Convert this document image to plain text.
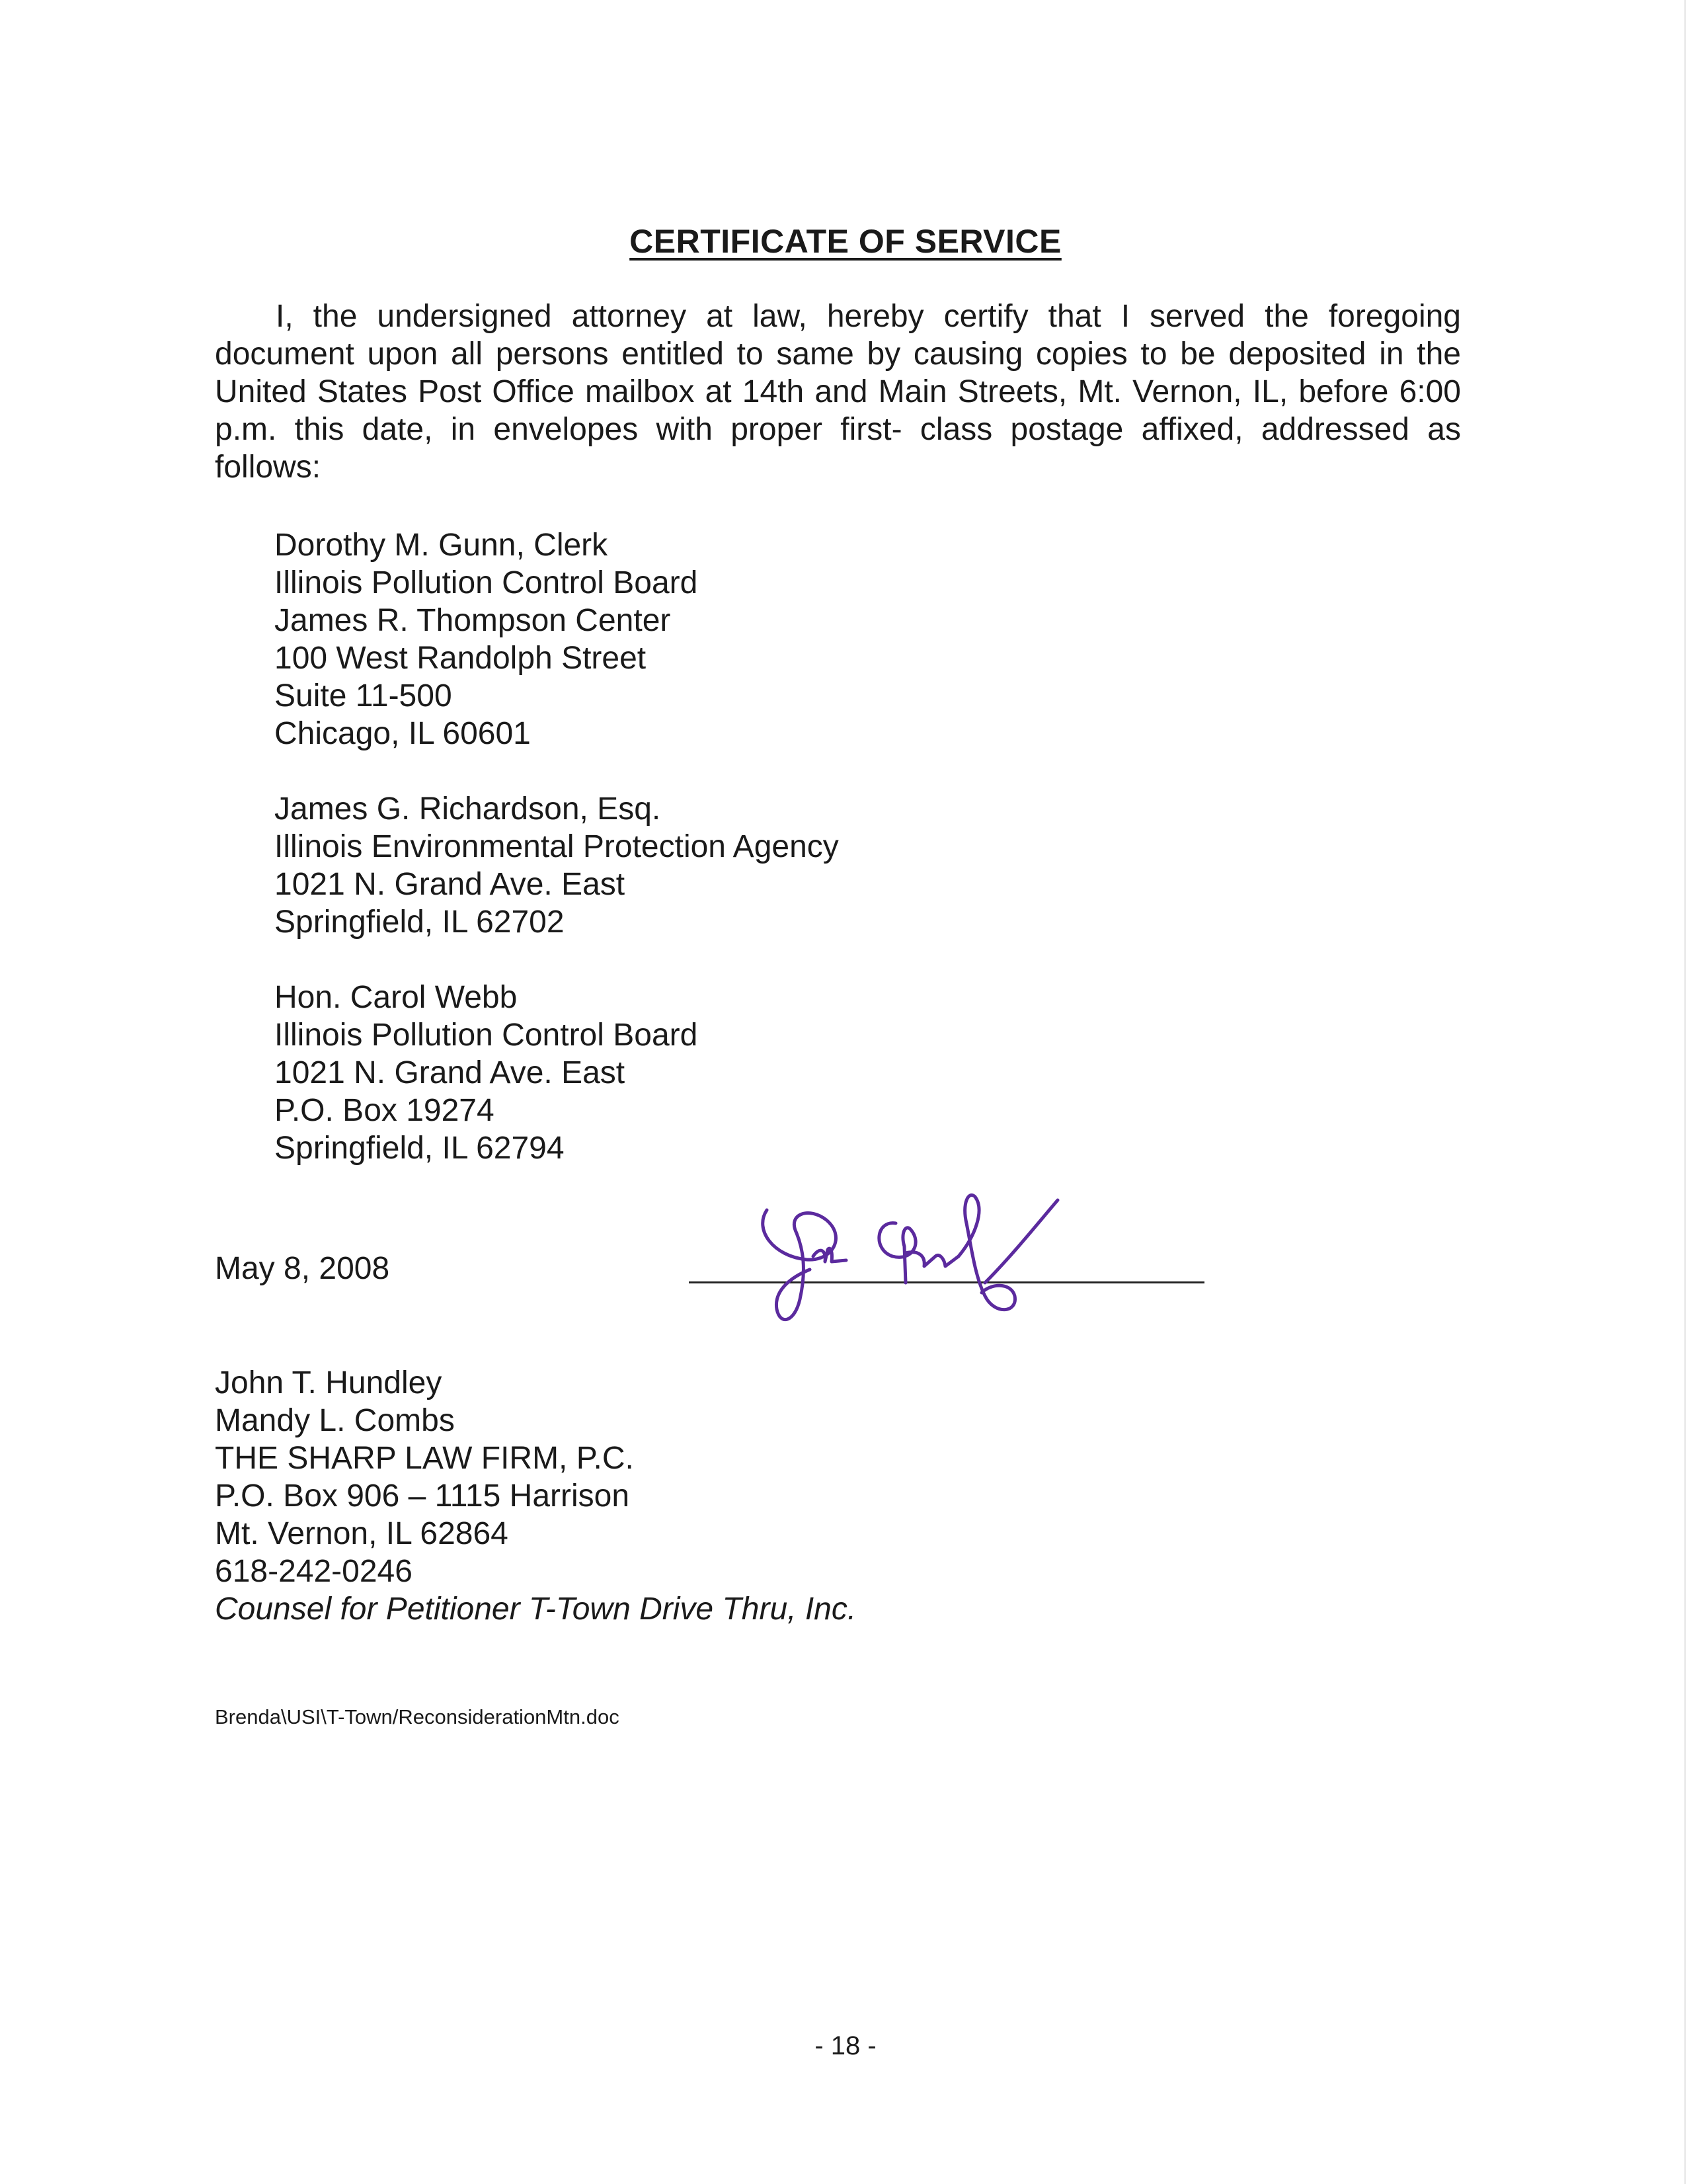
CERTIFICATE OF SERVICE

I, the undersigned attorney at law, hereby certify that I served the foregoing document upon all persons entitled to same by causing copies to be deposited in the United States Post Office mailbox at 14th and Main Streets, Mt. Vernon, IL, before 6:00 p.m. this date, in envelopes with proper first- class postage affixed, addressed as follows:

Dorothy M. Gunn, Clerk
Illinois Pollution Control Board
James R. Thompson Center
100 West Randolph Street
Suite 11-500
Chicago, IL 60601
James G. Richardson, Esq.
Illinois Environmental Protection Agency
1021 N. Grand Ave. East
Springfield, IL 62702
Hon. Carol Webb
Illinois Pollution Control Board
1021 N. Grand Ave. East
P.O. Box 19274
Springfield, IL 62794
May 8, 2008
John T. Hundley
Mandy L. Combs
THE SHARP LAW FIRM, P.C.
P.O. Box 906 – 1115 Harrison
Mt. Vernon, IL 62864
618-242-0246
Counsel for Petitioner T-Town Drive Thru, Inc.
Brenda\USI\T-Town/ReconsiderationMtn.doc
- 18 -
